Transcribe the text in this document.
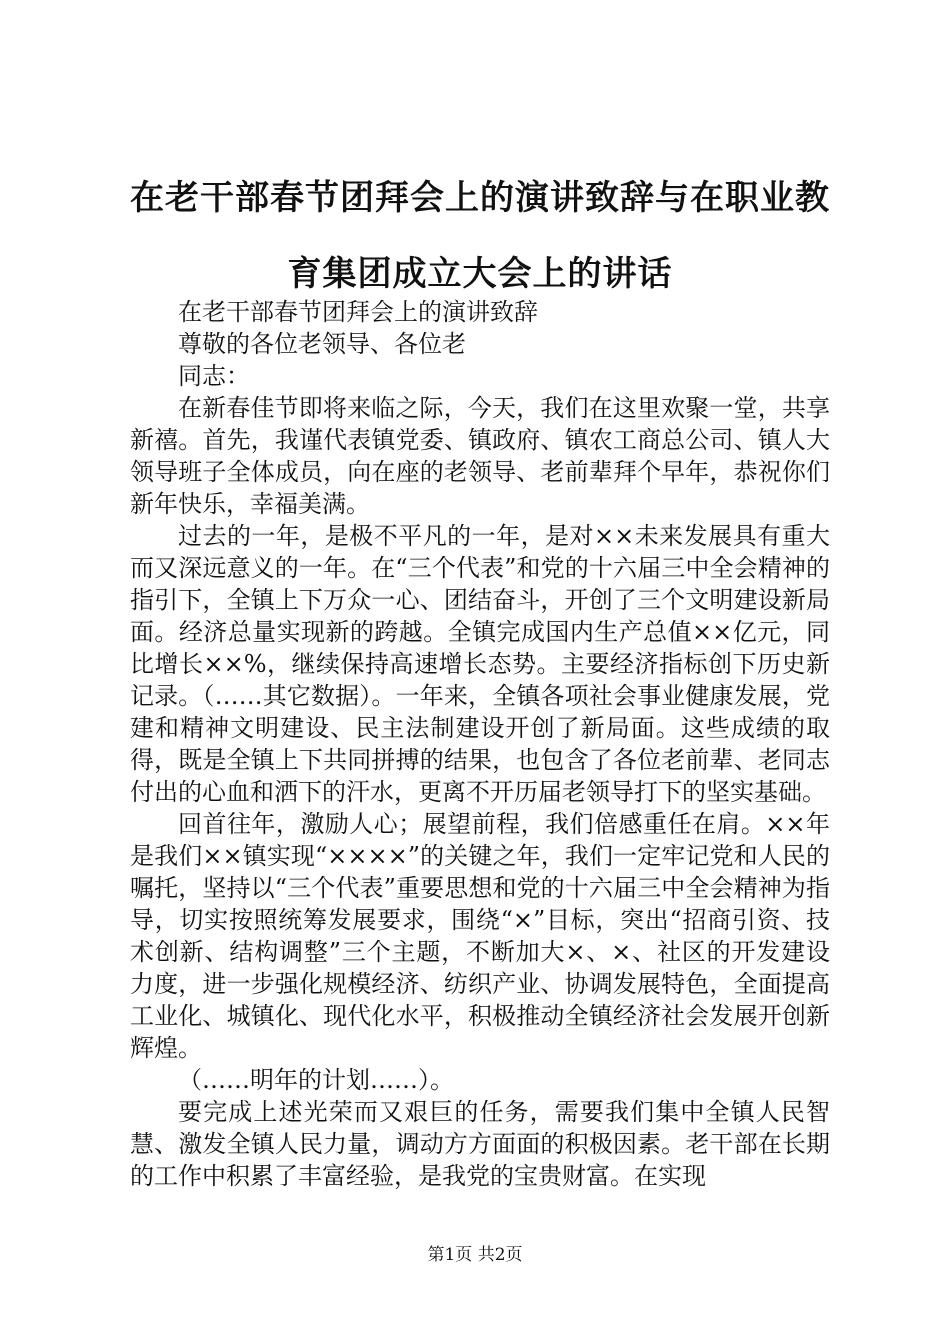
在老干部春节团拜会上的演讲致辞与在职业教
育集团成立大会上的讲话

在老干部春节团拜会上的演讲致辞

尊敬的各位老领导、各位老

同志：

在新春佳节即将来临之际，今天，我们在这里欢聚一堂，共享新禧。首先，我谨代表镇党委、镇政府、镇农工商总公司、镇人大领导班子全体成员，向在座的老领导、老前辈拜个早年，恭祝你们新年快乐，幸福美满。

过去的一年，是极不平凡的一年，是对××未来发展具有重大而又深远意义的一年。在“三个代表”和党的十六届三中全会精神的指引下，全镇上下万众一心、团结奋斗，开创了三个文明建设新局面。经济总量实现新的跨越。全镇完成国内生产总值××亿元，同比增长××%，继续保持高速增长态势。主要经济指标创下历史新记录。（……其它数据）。一年来，全镇各项社会事业健康发展，党建和精神文明建设、民主法制建设开创了新局面。这些成绩的取得，既是全镇上下共同拼搏的结果，也包含了各位老前辈、老同志付出的心血和洒下的汗水，更离不开历届老领导打下的坚实基础。

回首往年，激励人心；展望前程，我们倍感重任在肩。××年是我们××镇实现“××××”的关键之年，我们一定牢记党和人民的嘱托，坚持以“三个代表”重要思想和党的十六届三中全会精神为指导，切实按照统筹发展要求，围绕“×”目标，突出“招商引资、技术创新、结构调整”三个主题，不断加大×、×、社区的开发建设力度，进一步强化规模经济、纺织产业、协调发展特色，全面提高工业化、城镇化、现代化水平，积极推动全镇经济社会发展开创新辉煌。

（……明年的计划……）。

要完成上述光荣而又艰巨的任务，需要我们集中全镇人民智慧、激发全镇人民力量，调动方方面面的积极因素。老干部在长期的工作中积累了丰富经验，是我党的宝贵财富。在实现

第1页 共2页
